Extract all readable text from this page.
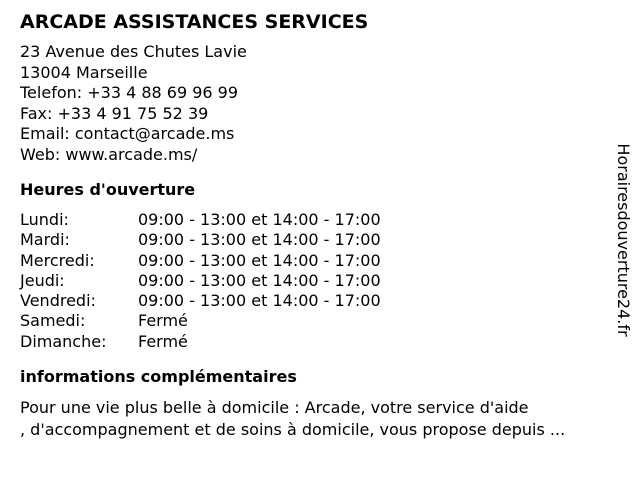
ARCADE ASSISTANCES SERVICES
23 Avenue des Chutes Lavie
13004 Marseille
Telefon: +33 4 88 69 96 99
Fax: +33 4 91 75 52 39
Email: contact@arcade.ms
Web: www.arcade.ms/
Heures d'ouverture
Lundi:	09:00 - 13:00 et 14:00 - 17:00
Mardi:	09:00 - 13:00 et 14:00 - 17:00
Mercredi:	09:00 - 13:00 et 14:00 - 17:00
Jeudi:	09:00 - 13:00 et 14:00 - 17:00
Vendredi:	09:00 - 13:00 et 14:00 - 17:00
Samedi:	Fermé
Dimanche:	Fermé
informations complémentaires
Pour une vie plus belle à domicile : Arcade, votre service d'aide
, d'accompagnement et de soins à domicile, vous propose depuis ...
Horairesdouverture24.fr
